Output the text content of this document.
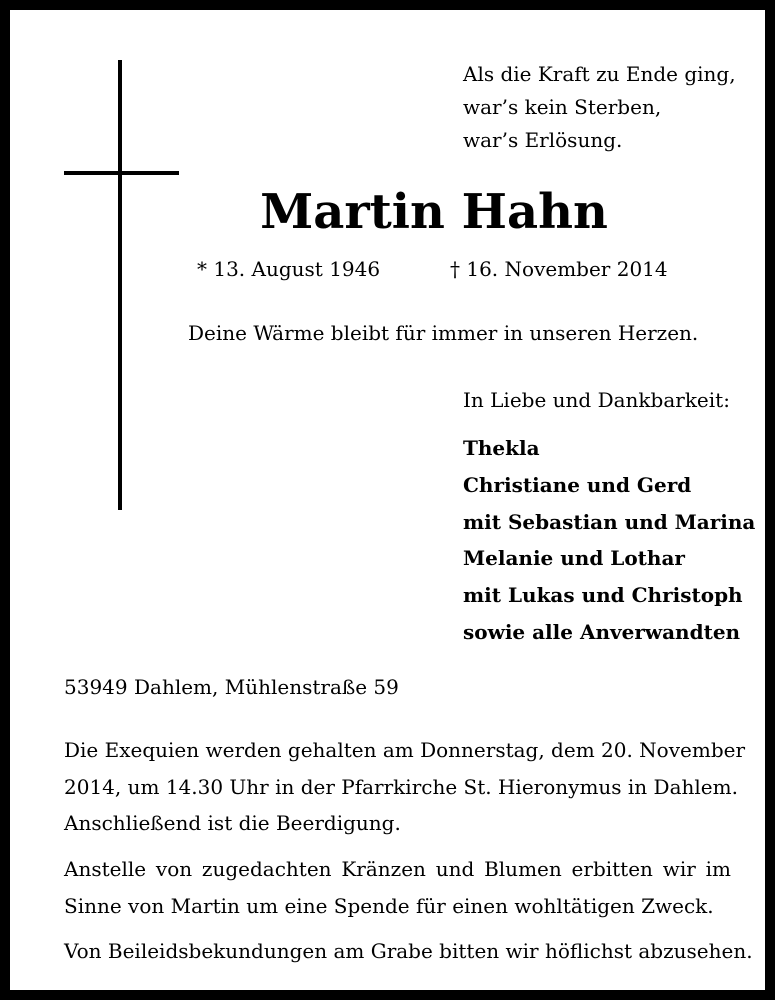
Als die Kraft zu Ende ging,
war’s kein Sterben,
war’s Erlösung.
Martin Hahn
* 13. August 1946	† 16. November 2014
Deine Wärme bleibt für immer in unseren Herzen.
In Liebe und Dankbarkeit:
Thekla
Christiane und Gerd
mit Sebastian und Marina
Melanie und Lothar
mit Lukas und Christoph
sowie alle Anverwandten
53949 Dahlem, Mühlenstraße 59
Die Exequien werden gehalten am Donnerstag, dem 20. November
2014, um 14.30 Uhr in der Pfarrkirche St. Hieronymus in Dahlem.
Anschließend ist die Beerdigung.
Anstelle von zugedachten Kränzen und Blumen erbitten wir im
Sinne von Martin um eine Spende für einen wohltätigen Zweck.
Von Beileidsbekundungen am Grabe bitten wir höflichst abzusehen.
